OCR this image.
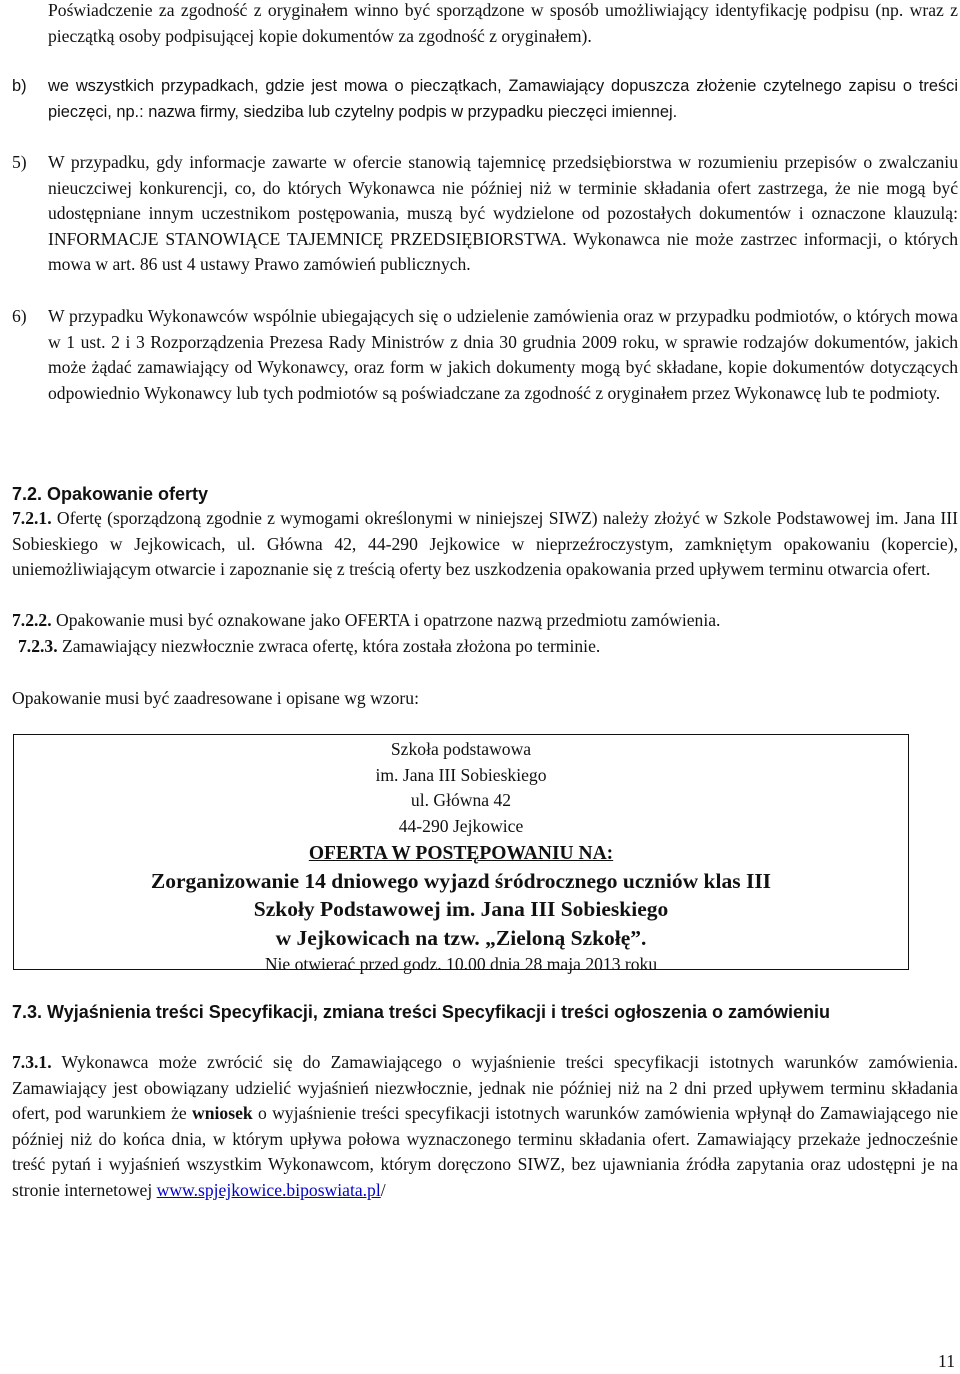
Poświadczenie za zgodność z oryginałem winno być sporządzone w sposób umożliwiający identyfikację podpisu (np. wraz z pieczątką osoby podpisującej kopie dokumentów za zgodność z oryginałem).

b) we wszystkich przypadkach, gdzie jest mowa o pieczątkach, Zamawiający dopuszcza złożenie czytelnego zapisu o treści pieczęci, np.: nazwa firmy, siedziba lub czytelny podpis w przypadku pieczęci imiennej.

5) W przypadku, gdy informacje zawarte w ofercie stanowią tajemnicę przedsiębiorstwa w rozumieniu przepisów o zwalczaniu nieuczciwej konkurencji, co, do których Wykonawca nie później niż w terminie składania ofert zastrzega, że nie mogą być udostępniane innym uczestnikom postępowania, muszą być wydzielone od pozostałych dokumentów i oznaczone klauzulą: INFORMACJE STANOWIĄCE TAJEMNICĘ PRZEDSIĘBIORSTWA. Wykonawca nie może zastrzec informacji, o których mowa w art. 86 ust 4 ustawy Prawo zamówień publicznych.

6) W przypadku Wykonawców wspólnie ubiegających się o udzielenie zamówienia oraz w przypadku podmiotów, o których mowa w 1 ust. 2 i 3 Rozporządzenia Prezesa Rady Ministrów z dnia 30 grudnia 2009 roku, w sprawie rodzajów dokumentów, jakich może żądać zamawiający od Wykonawcy, oraz form w jakich dokumenty mogą być składane, kopie dokumentów dotyczących odpowiednio Wykonawcy lub tych podmiotów są poświadczane za zgodność z oryginałem przez Wykonawcę lub te podmioty.

7.2. Opakowanie oferty

7.2.1. Ofertę (sporządzoną zgodnie z wymogami określonymi w niniejszej SIWZ) należy złożyć w Szkole Podstawowej im. Jana III Sobieskiego w Jejkowicach, ul. Główna 42, 44-290 Jejkowice w nieprzeźroczystym, zamkniętym opakowaniu (kopercie), uniemożliwiającym otwarcie i zapoznanie się z treścią oferty bez uszkodzenia opakowania przed upływem terminu otwarcia ofert.

7.2.2. Opakowanie musi być oznakowane jako OFERTA i opatrzone nazwą przedmiotu zamówienia.

7.2.3. Zamawiający niezwłocznie zwraca ofertę, która została złożona po terminie.

Opakowanie musi być zaadresowane i opisane wg wzoru:

Szkoła podstawowa
im. Jana III Sobieskiego
ul. Główna 42
44-290 Jejkowice
OFERTA W POSTĘPOWANIU NA:
Zorganizowanie 14 dniowego wyjazd śródrocznego uczniów klas III
Szkoły Podstawowej im. Jana III Sobieskiego
w Jejkowicach na tzw. „Zieloną Szkołę”.
Nie otwierać przed godz. 10.00 dnia 28 maja 2013 roku
7.3. Wyjaśnienia treści Specyfikacji, zmiana treści Specyfikacji i treści ogłoszenia o zamówieniu

7.3.1. Wykonawca może zwrócić się do Zamawiającego o wyjaśnienie treści specyfikacji istotnych warunków zamówienia. Zamawiający jest obowiązany udzielić wyjaśnień niezwłocznie, jednak nie później niż na 2 dni przed upływem terminu składania ofert, pod warunkiem że wniosek o wyjaśnienie treści specyfikacji istotnych warunków zamówienia wpłynął do Zamawiającego nie później niż do końca dnia, w którym upływa połowa wyznaczonego terminu składania ofert. Zamawiający przekaże jednocześnie treść pytań i wyjaśnień wszystkim Wykonawcom, którym doręczono SIWZ, bez ujawniania źródła zapytania oraz udostępni je na stronie internetowej www.spjejkowice.biposwiata.pl/

11
